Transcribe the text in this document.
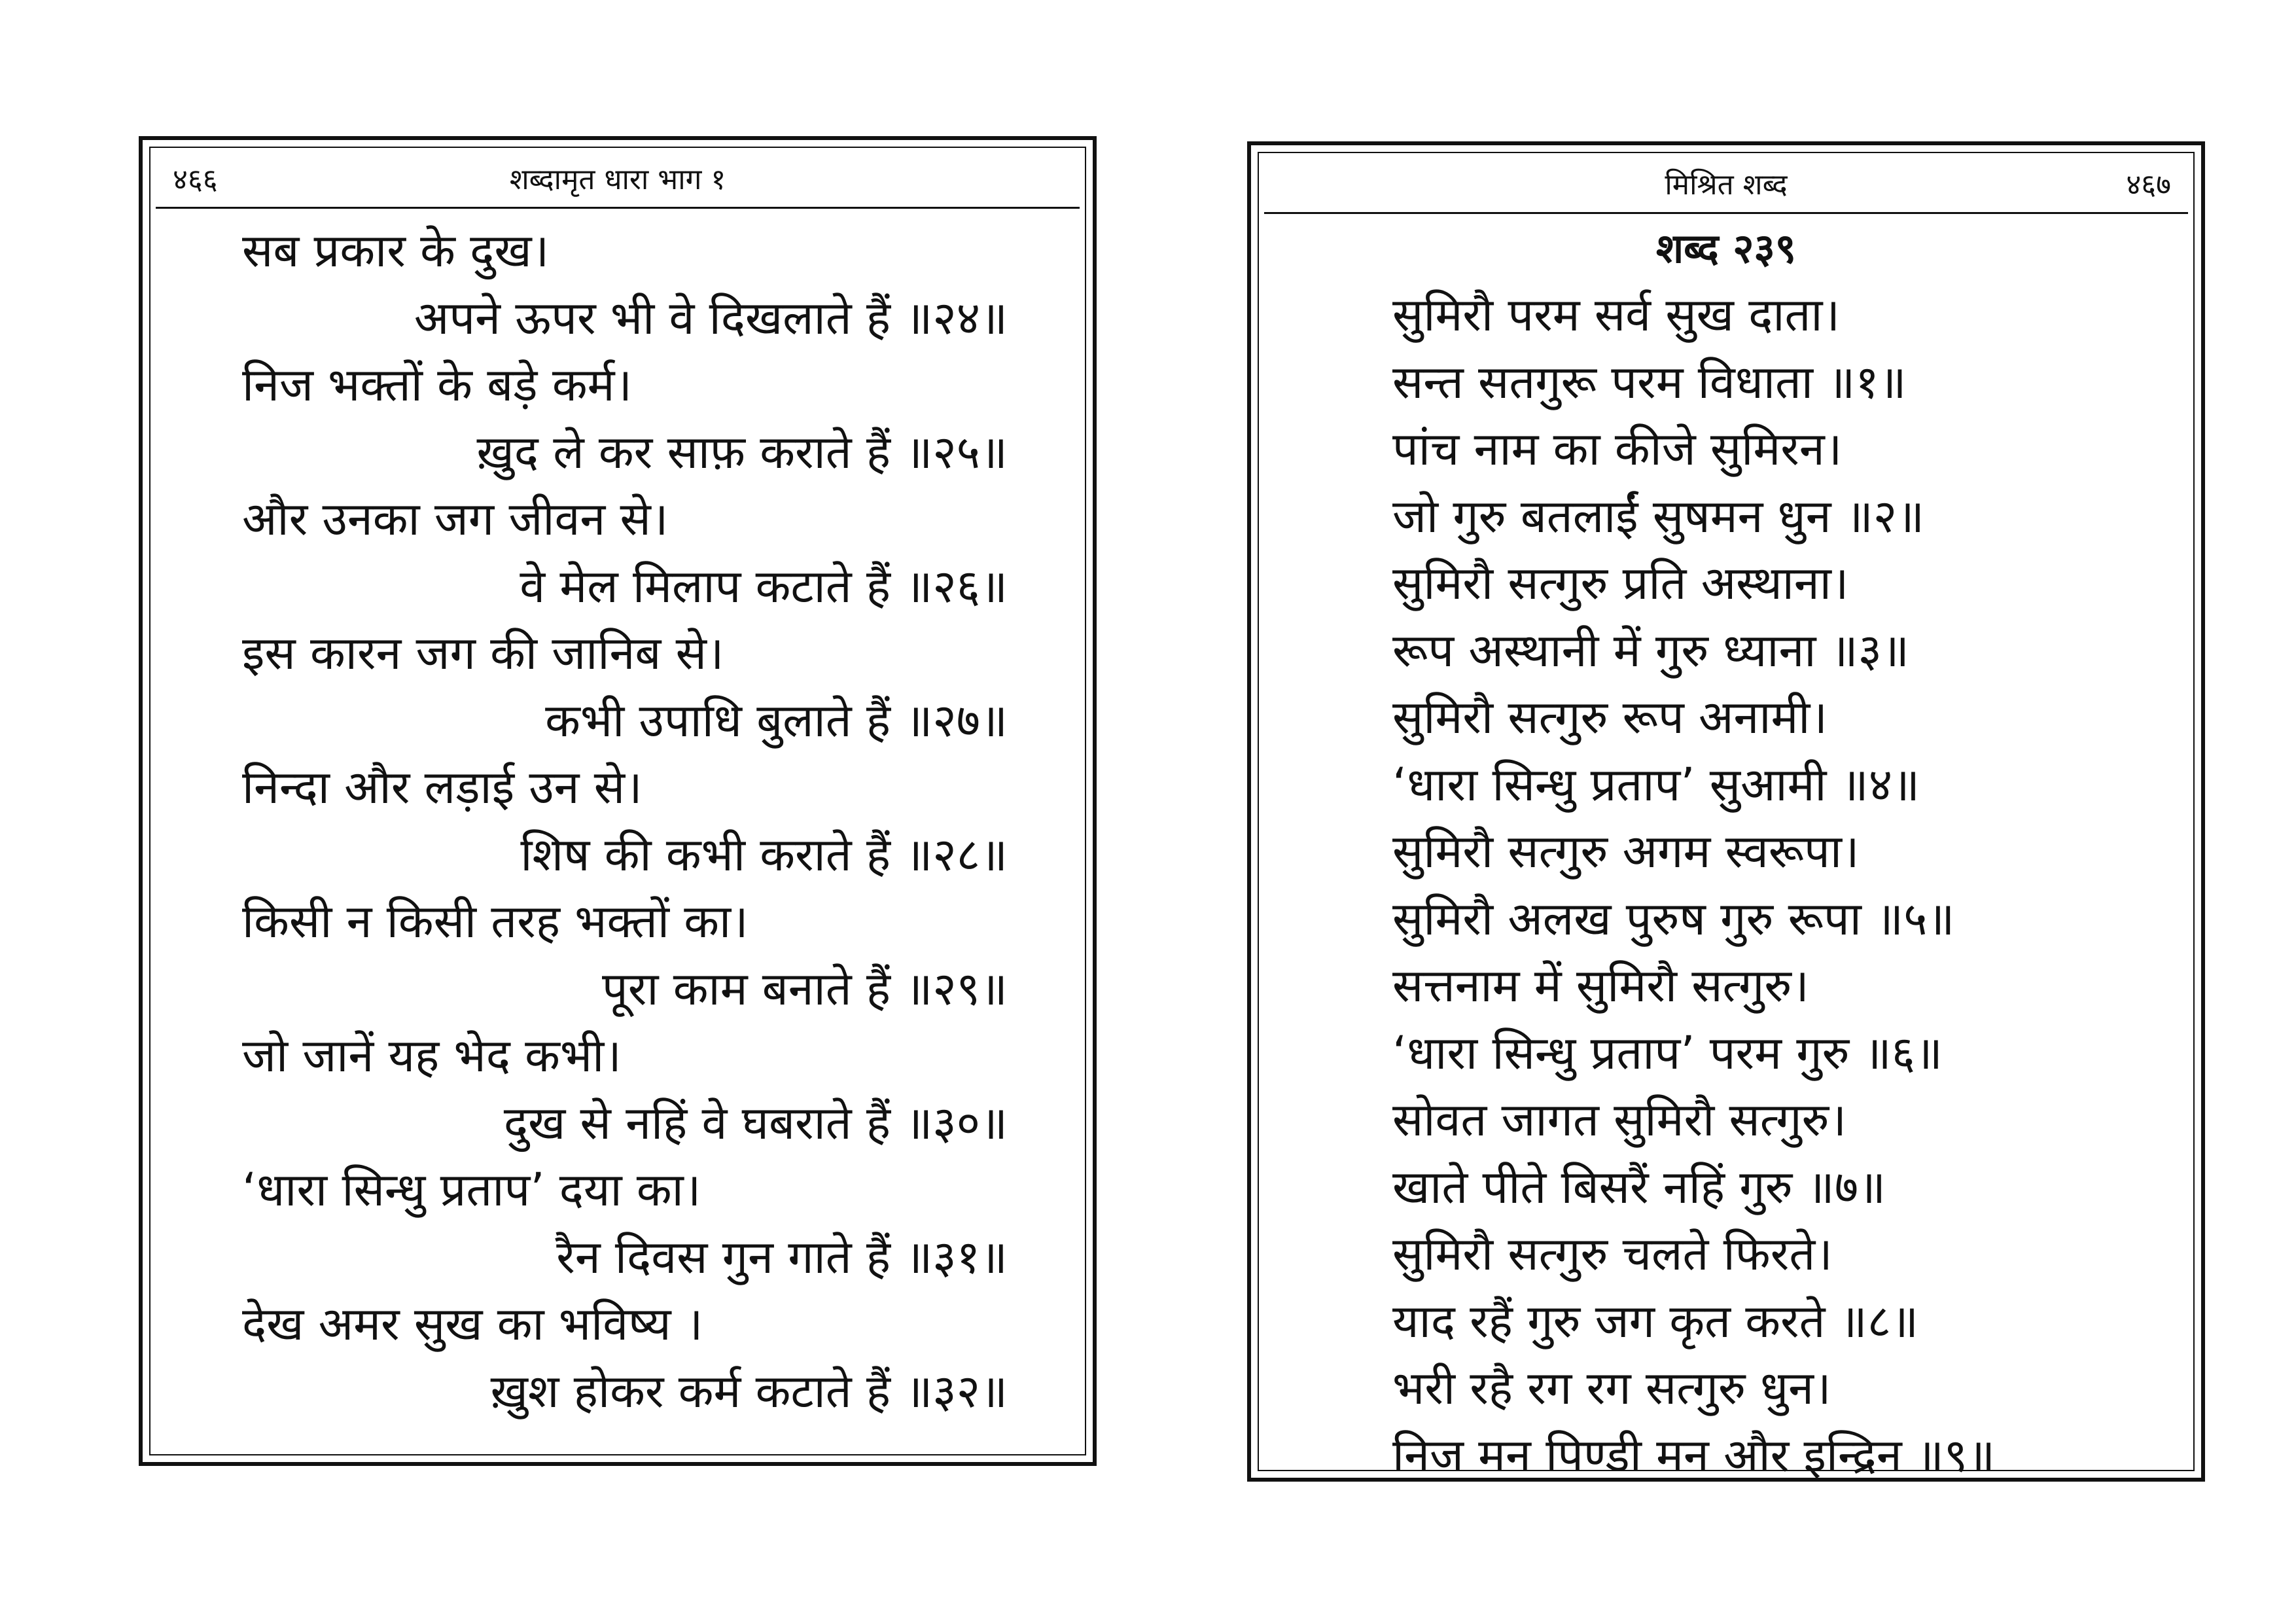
४६६	शब्दामृत धारा भाग १
सब प्रकार के दुख।
अपने ऊपर भी वे दिखलाते हैं ॥२४॥
निज भक्तों के बड़े कर्म।
ख़ुद ले कर साफ़ कराते हैं ॥२५॥
और उनका जग जीवन से।
वे मेल मिलाप कटाते हैं ॥२६॥
इस कारन जग की जानिब से।
कभी उपाधि बुलाते हैं ॥२७॥
निन्दा और लड़ाई उन से।
शिष की कभी कराते हैं ॥२८॥
किसी न किसी तरह भक्तों का।
पूरा काम बनाते हैं ॥२९॥
जो जानें यह भेद कभी।
दुख से नहिं वे घबराते हैं ॥३०॥
‘धारा सिन्धु प्रताप’ दया का।
रैन दिवस गुन गाते हैं ॥३१॥
देख अमर सुख का भविष्य ।
ख़ुश होकर कर्म कटाते हैं ॥३२॥
मिश्रित शब्द	४६७
शब्द २३९
सुमिरौ परम सर्व सुख दाता।
सन्त सतगुरू परम विधाता ॥१॥
पांच नाम का कीजे सुमिरन।
जो गुरु बतलाईं सुषमन धुन ॥२॥
सुमिरौ सत्गुरु प्रति अस्थाना।
रूप अस्थानी में गुरु ध्याना ॥३॥
सुमिरौ सत्गुरु रूप अनामी।
‘धारा सिन्धु प्रताप’ सुआमी ॥४॥
सुमिरौ सत्गुरु अगम स्वरूपा।
सुमिरौ अलख पुरुष गुरु रूपा ॥५॥
सत्तनाम में सुमिरौ सत्गुरु।
‘धारा सिन्धु प्रताप’ परम गुरु ॥६॥
सोवत जागत सुमिरौ सत्गुरु।
खाते पीते बिसरैं नहिं गुरु ॥७॥
सुमिरौ सत्गुरु चलते फिरते।
याद रहैं गुरु जग कृत करते ॥८॥
भरी रहै रग रग सत्गुरु धुन।
निज मन पिण्डी मन और इन्द्रिन ॥९॥
